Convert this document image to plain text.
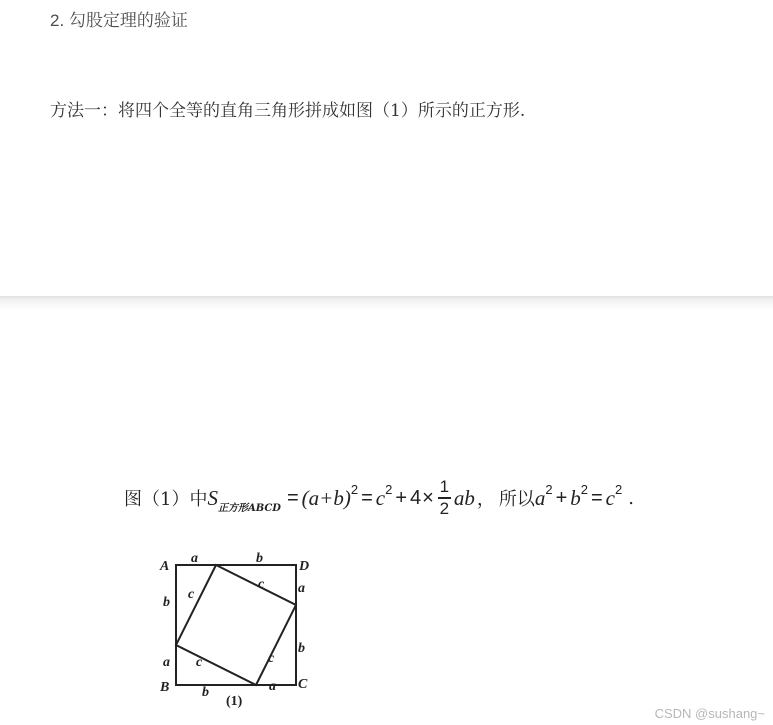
2. 勾股定理的验证
方法一：将四个全等的直角三角形拼成如图（1）所示的正方形.
图（1）中 S 正方形ABCD = (a+b) 2 = c $2 + 4 \times \frac{1}{2}$ ab ， 所以 a 2 + b 2 = c 2 .
A	D
B	C
a	b
a
b
b	a
b
a
c
c
c
c
(1)
CSDN @sushang~
